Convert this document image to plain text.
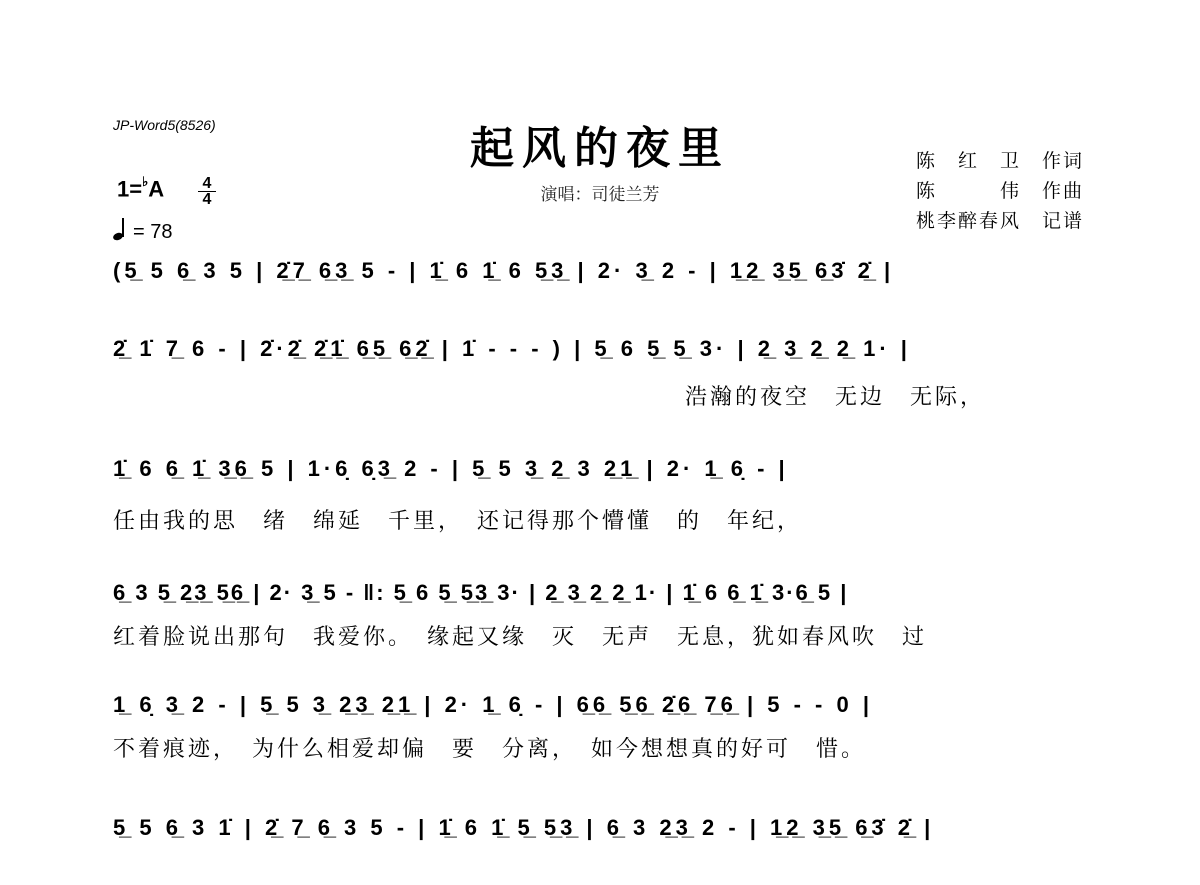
JP-Word5(8526)	起风的夜里
演唱：司徒兰芳
陈　红　卫　作词
陈　　　伟　作曲
桃李醉春风　记谱
1=♭A 4
4
= 78
(5̲ 5 6̲ 3 5 | 2̲̇7̲ 6̲3̲ 5 - | 1̲̇ 6 1̲̇ 6 5̲3̲ | 2· 3̲ 2 - | 1̲2̲ 3̲5̲ 6̲3̇ 2̲̇ |
2̲̇ 1̇ 7̲ 6 - | 2̇·2̲̇ 2̲̇1̲̇ 6̲5̲ 6̲2̲̇ | 1̇ - - - ) | 5̲ 6 5̲ 5̲ 3· | 2̲ 3̲ 2̲ 2̲ 1· |
浩瀚的夜空　无边　无际，
1̲̇ 6 6̲ 1̲̇ 3̲6̲ 5 | 1·6̣ 6̣3̲ 2 - | 5̲ 5 3̲ 2̲ 3 2̲1̲ | 2· 1̲ 6̣ - |
任由我的思　绪　绵延　千里，　还记得那个懵懂　的　年纪，
6̲ 3 5̲ 2̲3̲ 5̲6̲ | 2· 3̲ 5 - ‖: 5̲ 6 5̲ 5̲3̲ 3· | 2̲ 3̲ 2̲ 2̲ 1· | 1̲̇ 6 6̲ 1̲̇ 3·6̲ 5 |
红着脸说出那句　我爱你。　缘起又缘　灭　无声　无息，犹如春风吹　过
1̲ 6̣ 3̲ 2 - | 5̲ 5 3̲ 2̲3̲ 2̲1̲ | 2· 1̲ 6̣ - | 6̲6̲ 5̲6̲ 2̲̇6̲ 7̲6̲ | 5 - - 0 |
不着痕迹，　为什么相爱却偏　要　分离，　如今想想真的好可　惜。
5̲ 5 6̲ 3 1̇ | 2̲̇ 7̲ 6̲ 3 5 - | 1̲̇ 6 1̲̇ 5̲ 5̲3̲ | 6̲ 3 2̲3̲ 2 - | 1̲2̲ 3̲5̲ 6̲3̇ 2̲̇ |
